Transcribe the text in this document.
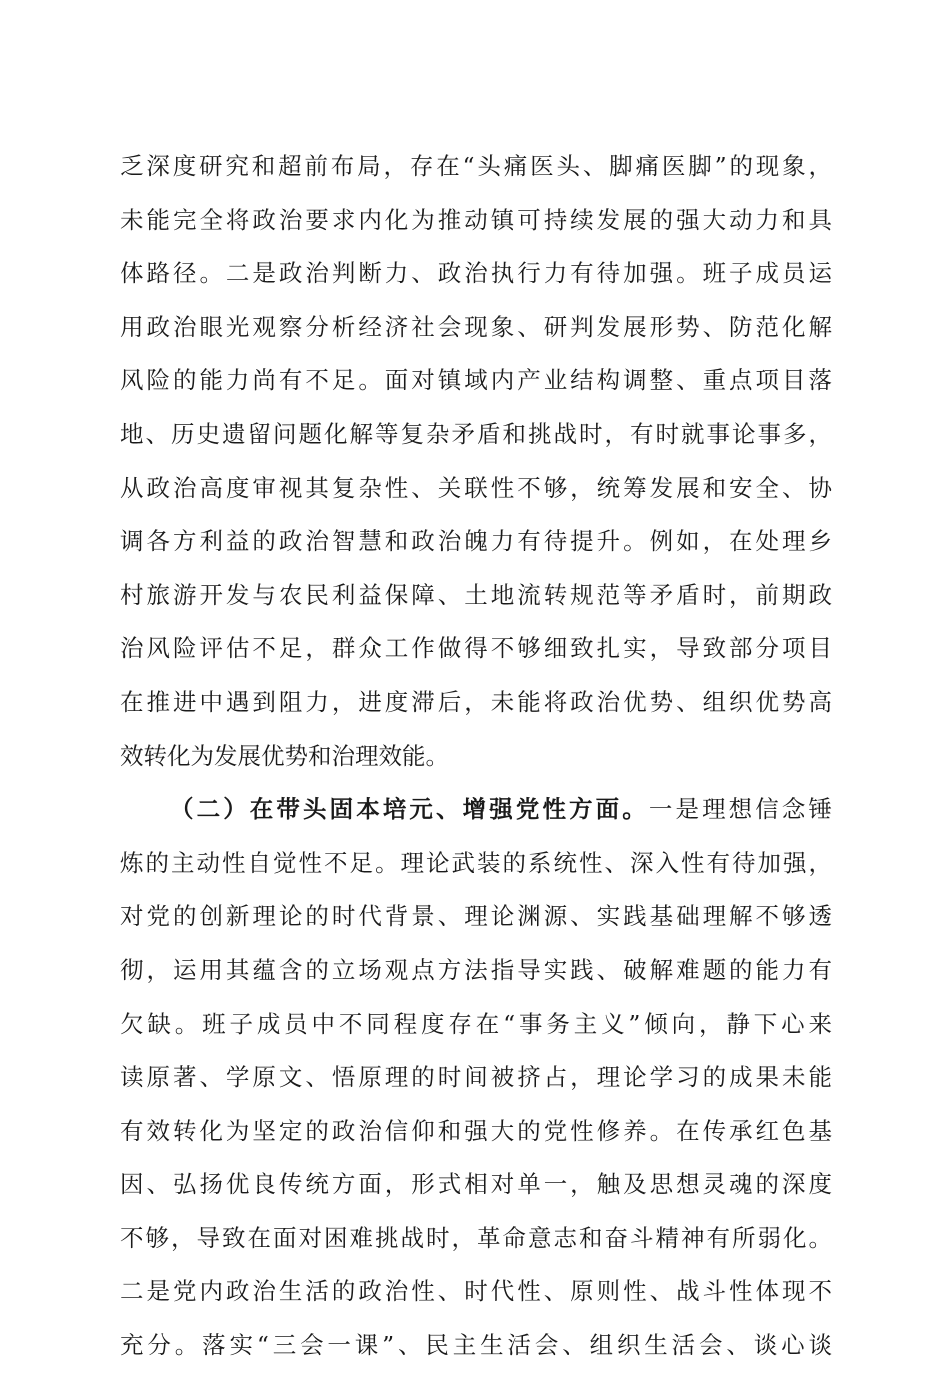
乏深度研究和超前布局，存在“头痛医头、脚痛医脚”的现象，
未能完全将政治要求内化为推动镇可持续发展的强大动力和具
体路径。二是政治判断力、政治执行力有待加强。班子成员运
用政治眼光观察分析经济社会现象、研判发展形势、防范化解
风险的能力尚有不足。面对镇域内产业结构调整、重点项目落
地、历史遗留问题化解等复杂矛盾和挑战时，有时就事论事多，
从政治高度审视其复杂性、关联性不够，统筹发展和安全、协
调各方利益的政治智慧和政治魄力有待提升。例如，在处理乡
村旅游开发与农民利益保障、土地流转规范等矛盾时，前期政
治风险评估不足，群众工作做得不够细致扎实，导致部分项目
在推进中遇到阻力，进度滞后，未能将政治优势、组织优势高
效转化为发展优势和治理效能。
（二）在带头固本培元、增强党性方面。一是理想信念锤
炼的主动性自觉性不足。理论武装的系统性、深入性有待加强，
对党的创新理论的时代背景、理论渊源、实践基础理解不够透
彻，运用其蕴含的立场观点方法指导实践、破解难题的能力有
欠缺。班子成员中不同程度存在“事务主义”倾向，静下心来
读原著、学原文、悟原理的时间被挤占，理论学习的成果未能
有效转化为坚定的政治信仰和强大的党性修养。在传承红色基
因、弘扬优良传统方面，形式相对单一，触及思想灵魂的深度
不够，导致在面对困难挑战时，革命意志和奋斗精神有所弱化。
二是党内政治生活的政治性、时代性、原则性、战斗性体现不
充分。落实“三会一课”、民主生活会、组织生活会、谈心谈
